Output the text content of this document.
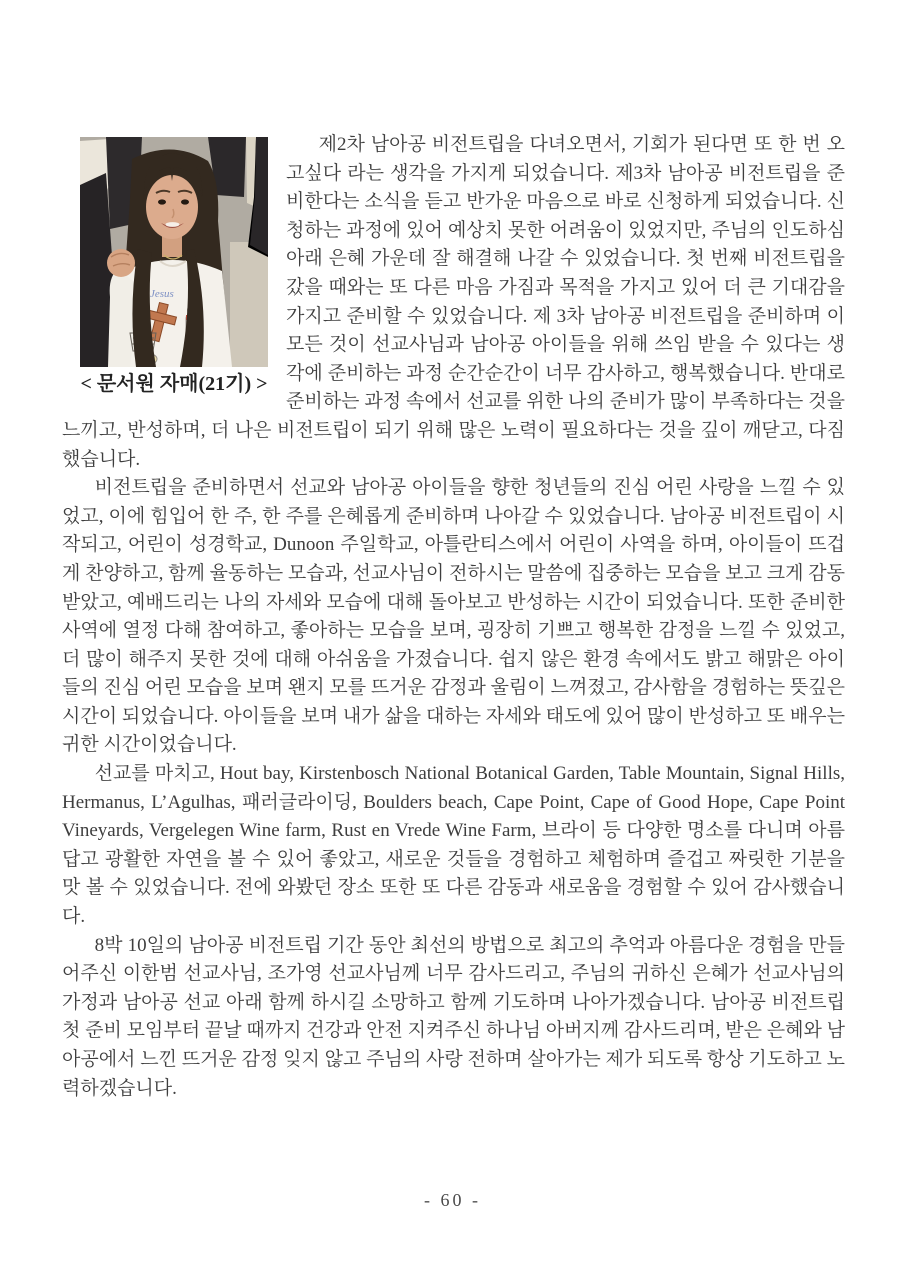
Jesus
< 문서원 자매(21기) >

제2차 남아공 비전트립을 다녀오면서, 기회가 된다면 또 한 번 오고싶다 라는 생각을 가지게 되었습니다. 제3차 남아공 비전트립을 준비한다는 소식을 듣고 반가운 마음으로 바로 신청하게 되었습니다. 신청하는 과정에 있어 예상치 못한 어려움이 있었지만, 주님의 인도하심 아래 은혜 가운데 잘 해결해 나갈 수 있었습니다. 첫 번째 비전트립을 갔을 때와는 또 다른 마음 가짐과 목적을 가지고 있어 더 큰 기대감을 가지고 준비할 수 있었습니다. 제 3차 남아공 비전트립을 준비하며 이 모든 것이 선교사님과 남아공 아이들을 위해 쓰임 받을 수 있다는 생각에 준비하는 과정 순간순간이 너무 감사하고, 행복했습니다. 반대로 준비하는 과정 속에서 선교를 위한 나의 준비가 많이 부족하다는 것을 느끼고, 반성하며, 더 나은 비전트립이 되기 위해 많은 노력이 필요하다는 것을 깊이 깨닫고, 다짐했습니다.

비전트립을 준비하면서 선교와 남아공 아이들을 향한 청년들의 진심 어린 사랑을 느낄 수 있었고, 이에 힘입어 한 주, 한 주를 은혜롭게 준비하며 나아갈 수 있었습니다. 남아공 비전트립이 시작되고, 어린이 성경학교, Dunoon 주일학교, 아틀란티스에서 어린이 사역을 하며, 아이들이 뜨겁게 찬양하고, 함께 율동하는 모습과, 선교사님이 전하시는 말씀에 집중하는 모습을 보고 크게 감동받았고, 예배드리는 나의 자세와 모습에 대해 돌아보고 반성하는 시간이 되었습니다. 또한 준비한 사역에 열정 다해 참여하고, 좋아하는 모습을 보며, 굉장히 기쁘고 행복한 감정을 느낄 수 있었고, 더 많이 해주지 못한 것에 대해 아쉬움을 가졌습니다. 쉽지 않은 환경 속에서도 밝고 해맑은 아이들의 진심 어린 모습을 보며 왠지 모를 뜨거운 감정과 울림이 느껴졌고, 감사함을 경험하는 뜻깊은 시간이 되었습니다. 아이들을 보며 내가 삶을 대하는 자세와 태도에 있어 많이 반성하고 또 배우는 귀한 시간이었습니다.

선교를 마치고, Hout bay, Kirstenbosch National Botanical Garden, Table Mountain, Signal Hills, Hermanus, L’Agulhas, 패러글라이딩, Boulders beach, Cape Point, Cape of Good Hope, Cape Point Vineyards, Vergelegen Wine farm, Rust en Vrede Wine Farm, 브라이 등 다양한 명소를 다니며 아름답고 광활한 자연을 볼 수 있어 좋았고, 새로운 것들을 경험하고 체험하며 즐겁고 짜릿한 기분을 맛 볼 수 있었습니다. 전에 와봤던 장소 또한 또 다른 감동과 새로움을 경험할 수 있어 감사했습니다.

8박 10일의 남아공 비전트립 기간 동안 최선의 방법으로 최고의 추억과 아름다운 경험을 만들어주신 이한범 선교사님, 조가영 선교사님께 너무 감사드리고, 주님의 귀하신 은혜가 선교사님의 가정과 남아공 선교 아래 함께 하시길 소망하고 함께 기도하며 나아가겠습니다. 남아공 비전트립 첫 준비 모임부터 끝날 때까지 건강과 안전 지켜주신 하나님 아버지께 감사드리며, 받은 은혜와 남아공에서 느낀 뜨거운 감정 잊지 않고 주님의 사랑 전하며 살아가는 제가 되도록 항상 기도하고 노력하겠습니다.

- 60 -
